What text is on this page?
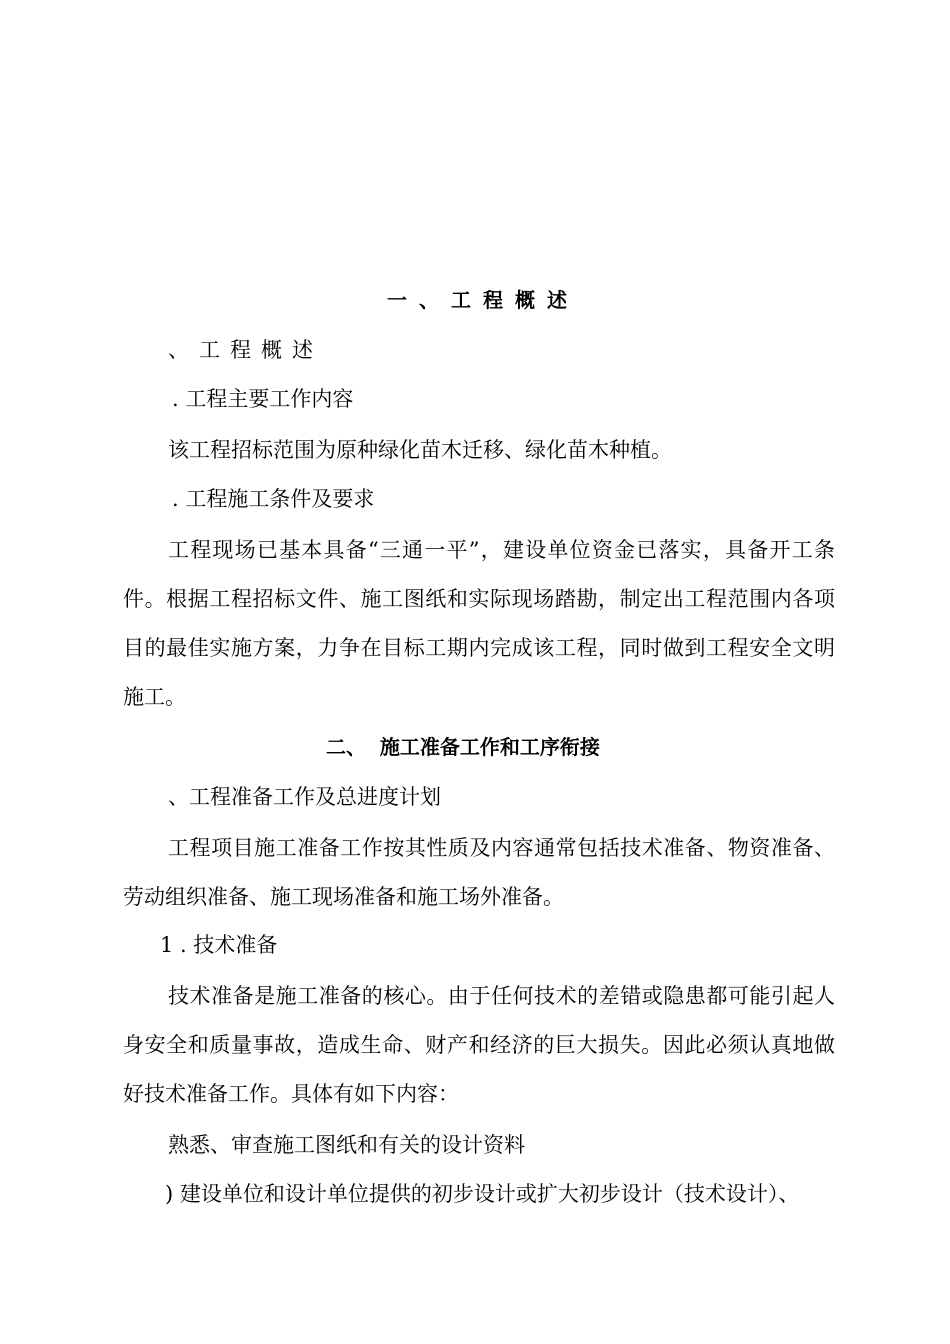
一、工程概述
、工程概述
. 工程主要工作内容
该工程招标范围为原种绿化苗木迁移、绿化苗木种植。
. 工程施工条件及要求
工程现场已基本具备“三通一平”，建设单位资金已落实，具备开工条件。根据工程招标文件、施工图纸和实际现场踏勘，制定出工程范围内各项目的最佳实施方案，力争在目标工期内完成该工程，同时做到工程安全文明施工。
二、  施工准备工作和工序衔接
、工程准备工作及总进度计划
工程项目施工准备工作按其性质及内容通常包括技术准备、物资准备、劳动组织准备、施工现场准备和施工场外准备。
1 . 技术准备
技术准备是施工准备的核心。由于任何技术的差错或隐患都可能引起人身安全和质量事故，造成生命、财产和经济的巨大损失。因此必须认真地做好技术准备工作。具体有如下内容：
熟悉、审查施工图纸和有关的设计资料
) 建设单位和设计单位提供的初步设计或扩大初步设计（技术设计）、
